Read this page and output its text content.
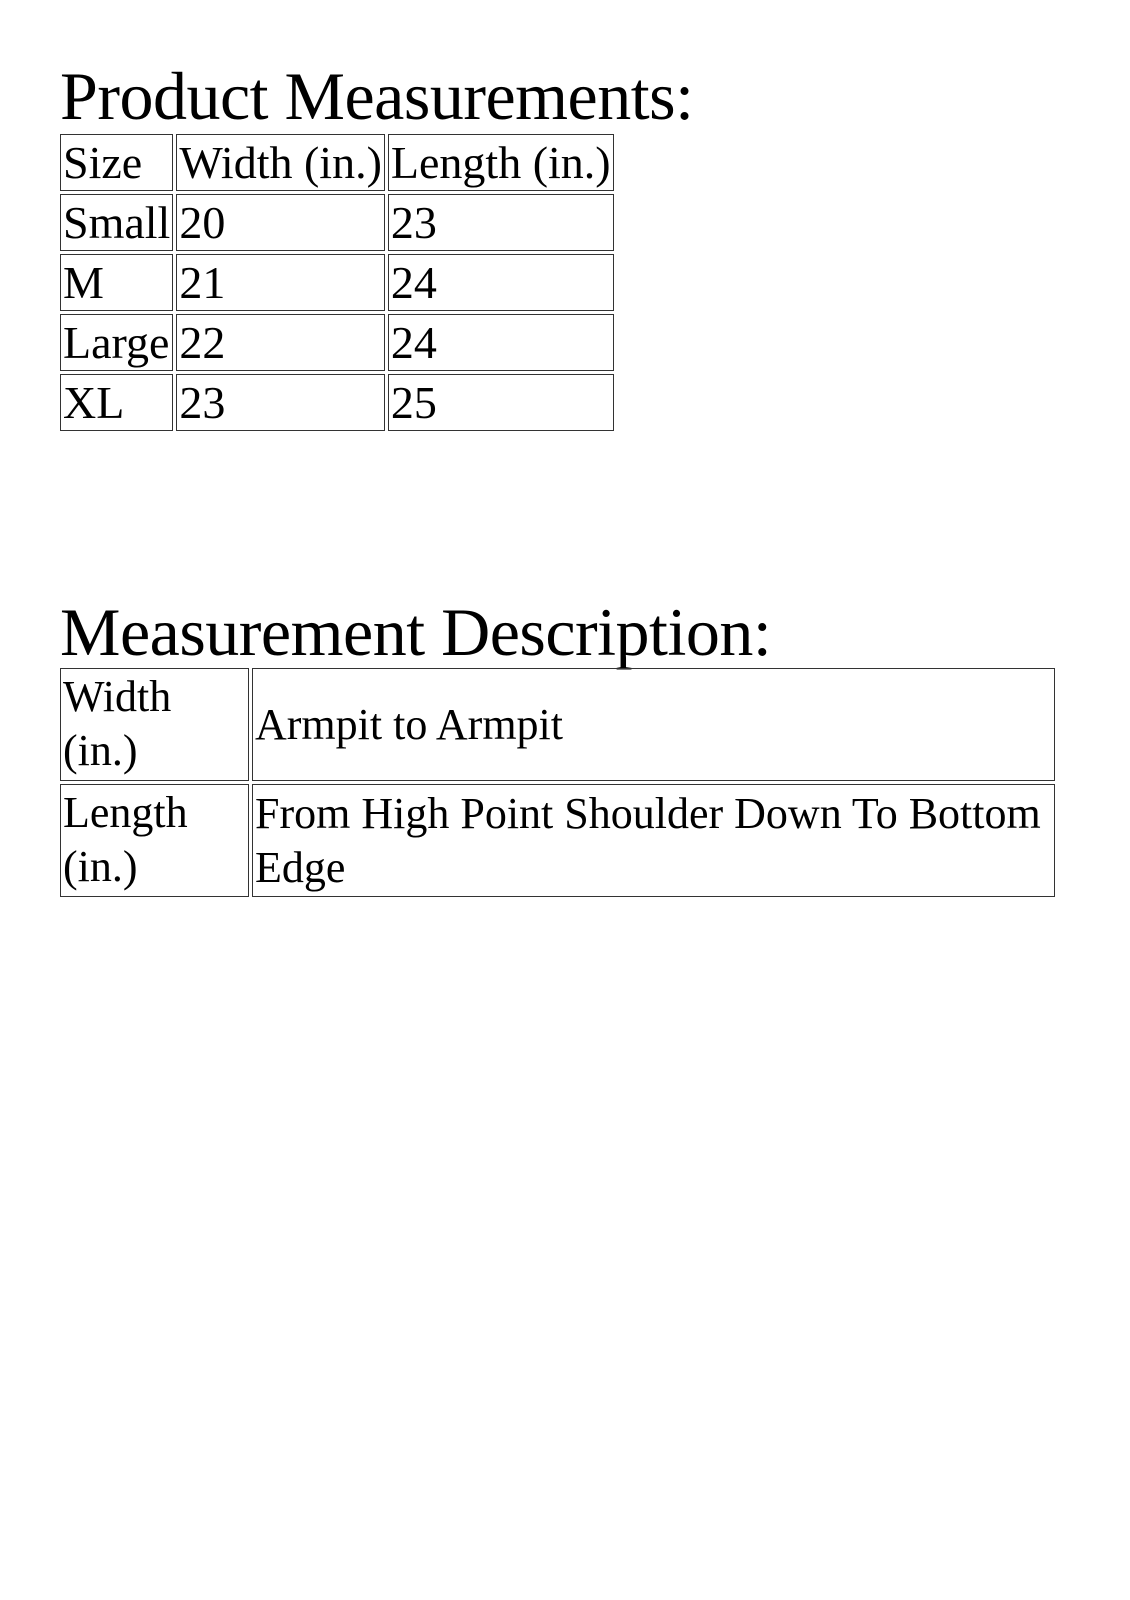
Product Measurements:
Size	Width (in.)	Length (in.)
Small	20	23
M	21	24
Large	22	24
XL	23	25
Measurement Description:
Width (in.)	Armpit to Armpit
Length (in.)	From High Point Shoulder Down To Bottom Edge
